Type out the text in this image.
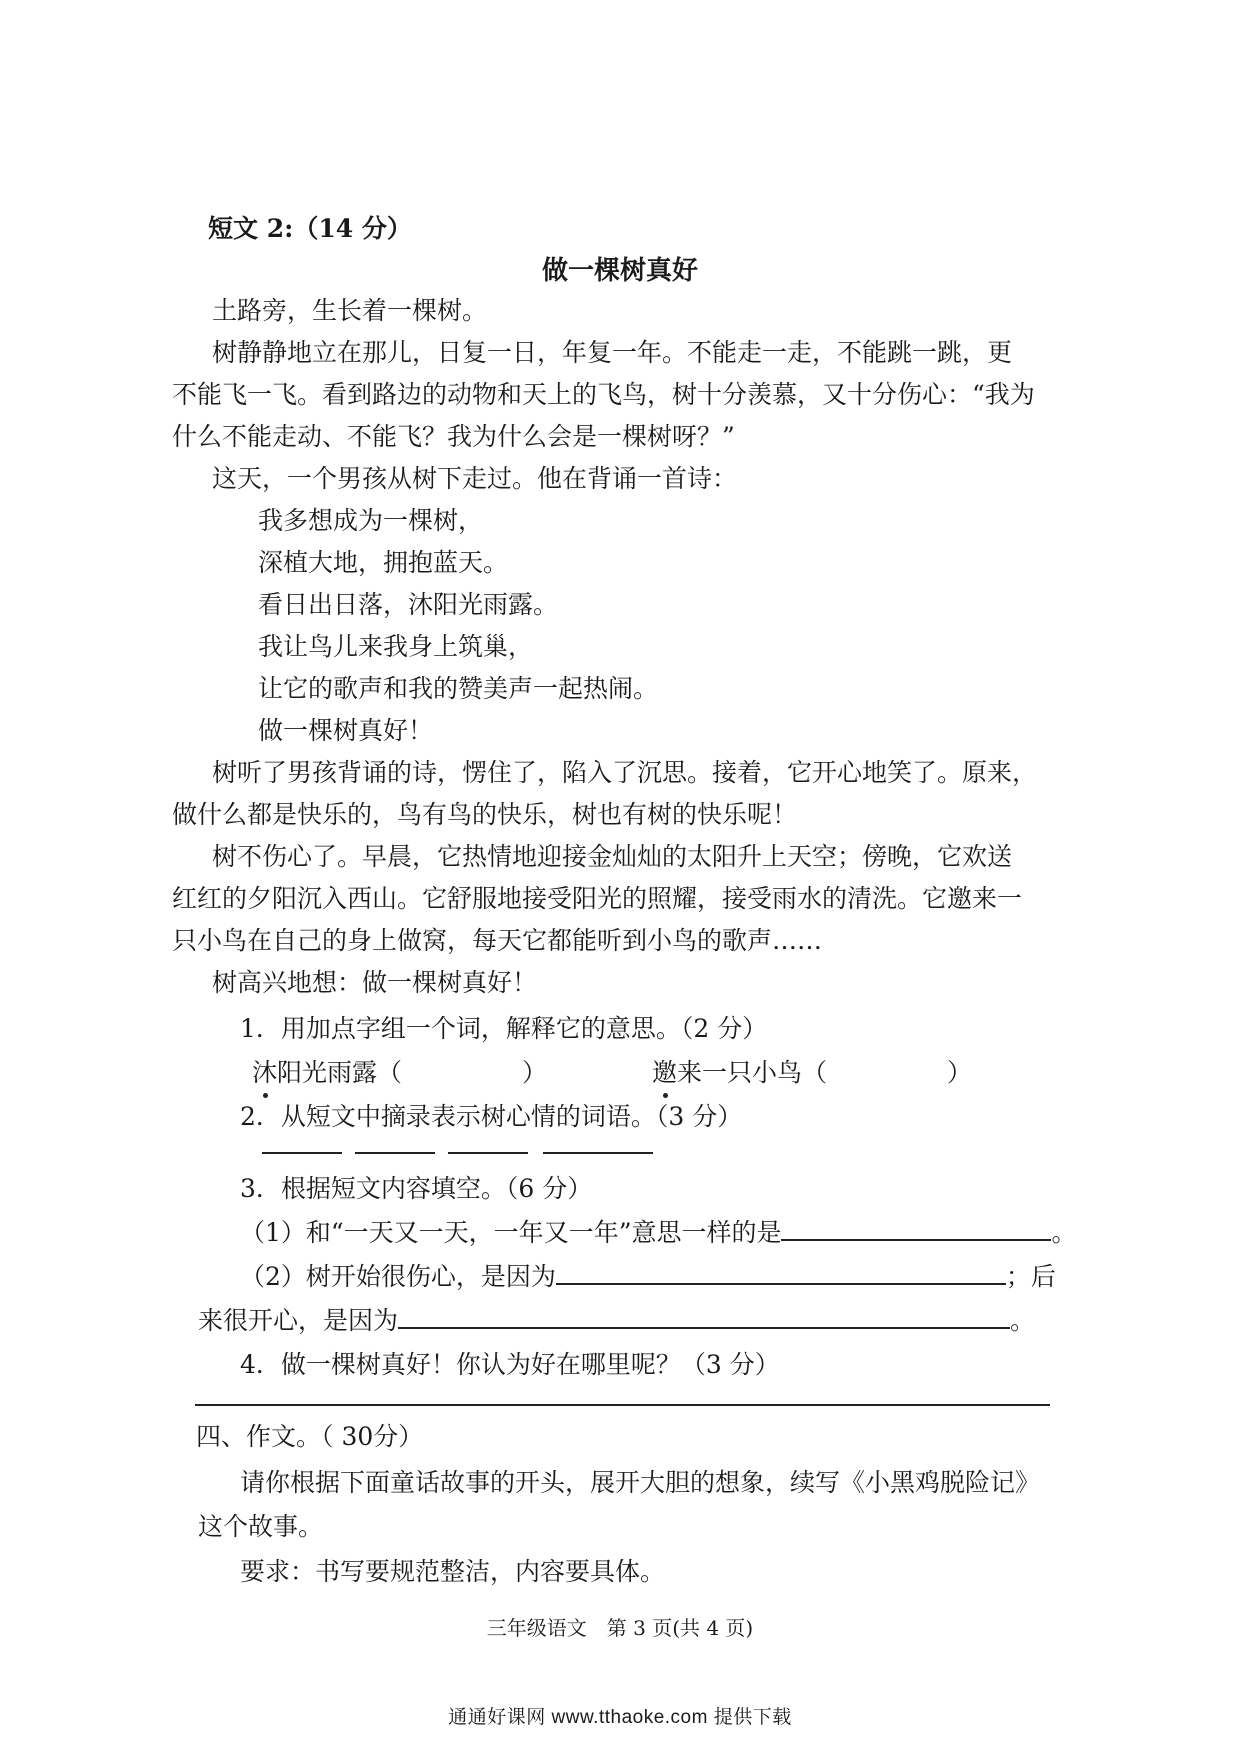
短文 2:（14 分）
做一棵树真好
土路旁，生长着一棵树。
树静静地立在那儿，日复一日，年复一年。不能走一走，不能跳一跳，更
不能飞一飞。看到路边的动物和天上的飞鸟，树十分羡慕，又十分伤心：“我为
什么不能走动、不能飞？我为什么会是一棵树呀？”
这天，一个男孩从树下走过。他在背诵一首诗：
我多想成为一棵树，
深植大地，拥抱蓝天。
看日出日落，沐阳光雨露。
我让鸟儿来我身上筑巢，
让它的歌声和我的赞美声一起热闹。
做一棵树真好！
树听了男孩背诵的诗，愣住了，陷入了沉思。接着，它开心地笑了。原来，
做什么都是快乐的，鸟有鸟的快乐，树也有树的快乐呢！
树不伤心了。早晨，它热情地迎接金灿灿的太阳升上天空；傍晚，它欢送
红红的夕阳沉入西山。它舒服地接受阳光的照耀，接受雨水的清洗。它邀来一
只小鸟在自己的身上做窝，每天它都能听到小鸟的歌声……
树高兴地想：做一棵树真好！
1．用加点字组一个词，解释它的意思。（2 分）
沐阳光雨露（	）	邀来一只小鸟（	）
2．从短文中摘录表示树心情的词语。（3 分）
3．根据短文内容填空。（6 分）
（1）和“一天又一天，一年又一年”意思一样的是	。
（2）树开始很伤心，是因为	；后
来很开心，是因为	。
4．做一棵树真好！你认为好在哪里呢？（3 分）
四、作文。（ 30分）
请你根据下面童话故事的开头，展开大胆的想象，续写《小黑鸡脱险记》
这个故事。
要求：书写要规范整洁，内容要具体。
三年级语文　第 3 页(共 4 页)
通通好课网 www.tthaoke.com 提供下载
